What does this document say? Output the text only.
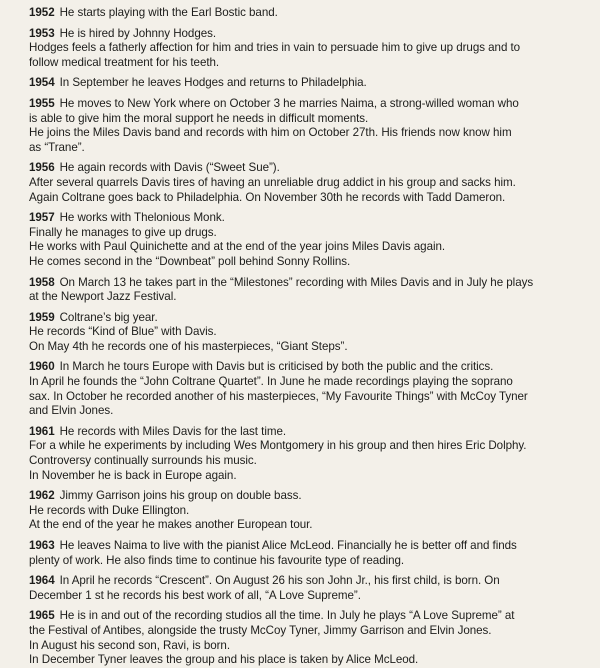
1952 He starts playing with the Earl Bostic band.
1953 He is hired by Johnny Hodges.
Hodges feels a fatherly affection for him and tries in vain to persuade him to give up drugs and to
follow medical treatment for his teeth.
1954 In September he leaves Hodges and returns to Philadelphia.
1955 He moves to New York where on October 3 he marries Naima, a strong-willed woman who
is able to give him the moral support he needs in difficult moments.
He joins the Miles Davis band and records with him on October 27th. His friends now know him
as “Trane”.
1956 He again records with Davis (“Sweet Sue”).
After several quarrels Davis tires of having an unreliable drug addict in his group and sacks him.
Again Coltrane goes back to Philadelphia. On November 30th he records with Tadd Dameron.
1957 He works with Thelonious Monk.
Finally he manages to give up drugs.
He works with Paul Quinichette and at the end of the year joins Miles Davis again.
He comes second in the “Downbeat” poll behind Sonny Rollins.
1958 On March 13 he takes part in the “Milestones” recording with Miles Davis and in July he plays
at the Newport Jazz Festival.
1959 Coltrane’s big year.
He records “Kind of Blue” with Davis.
On May 4th he records one of his masterpieces, “Giant Steps”.
1960 In March he tours Europe with Davis but is criticised by both the public and the critics.
In April he founds the “John Coltrane Quartet”. In June he made recordings playing the soprano
sax. In October he recorded another of his masterpieces, “My Favourite Things” with McCoy Tyner
and Elvin Jones.
1961 He records with Miles Davis for the last time.
For a while he experiments by including Wes Montgomery in his group and then hires Eric Dolphy.
Controversy continually surrounds his music.
In November he is back in Europe again.
1962 Jimmy Garrison joins his group on double bass.
He records with Duke Ellington.
At the end of the year he makes another European tour.
1963 He leaves Naima to live with the pianist Alice McLeod. Financially he is better off and finds
plenty of work. He also finds time to continue his favourite type of reading.
1964 In April he records “Crescent”. On August 26 his son John Jr., his first child, is born. On
December 1 st he records his best work of all, “A Love Supreme”.
1965 He is in and out of the recording studios all the time. In July he plays “A Love Supreme” at
the Festival of Antibes, alongside the trusty McCoy Tyner, Jimmy Garrison and Elvin Jones.
In August his second son, Ravi, is born.
In December Tyner leaves the group and his place is taken by Alice McLeod.
